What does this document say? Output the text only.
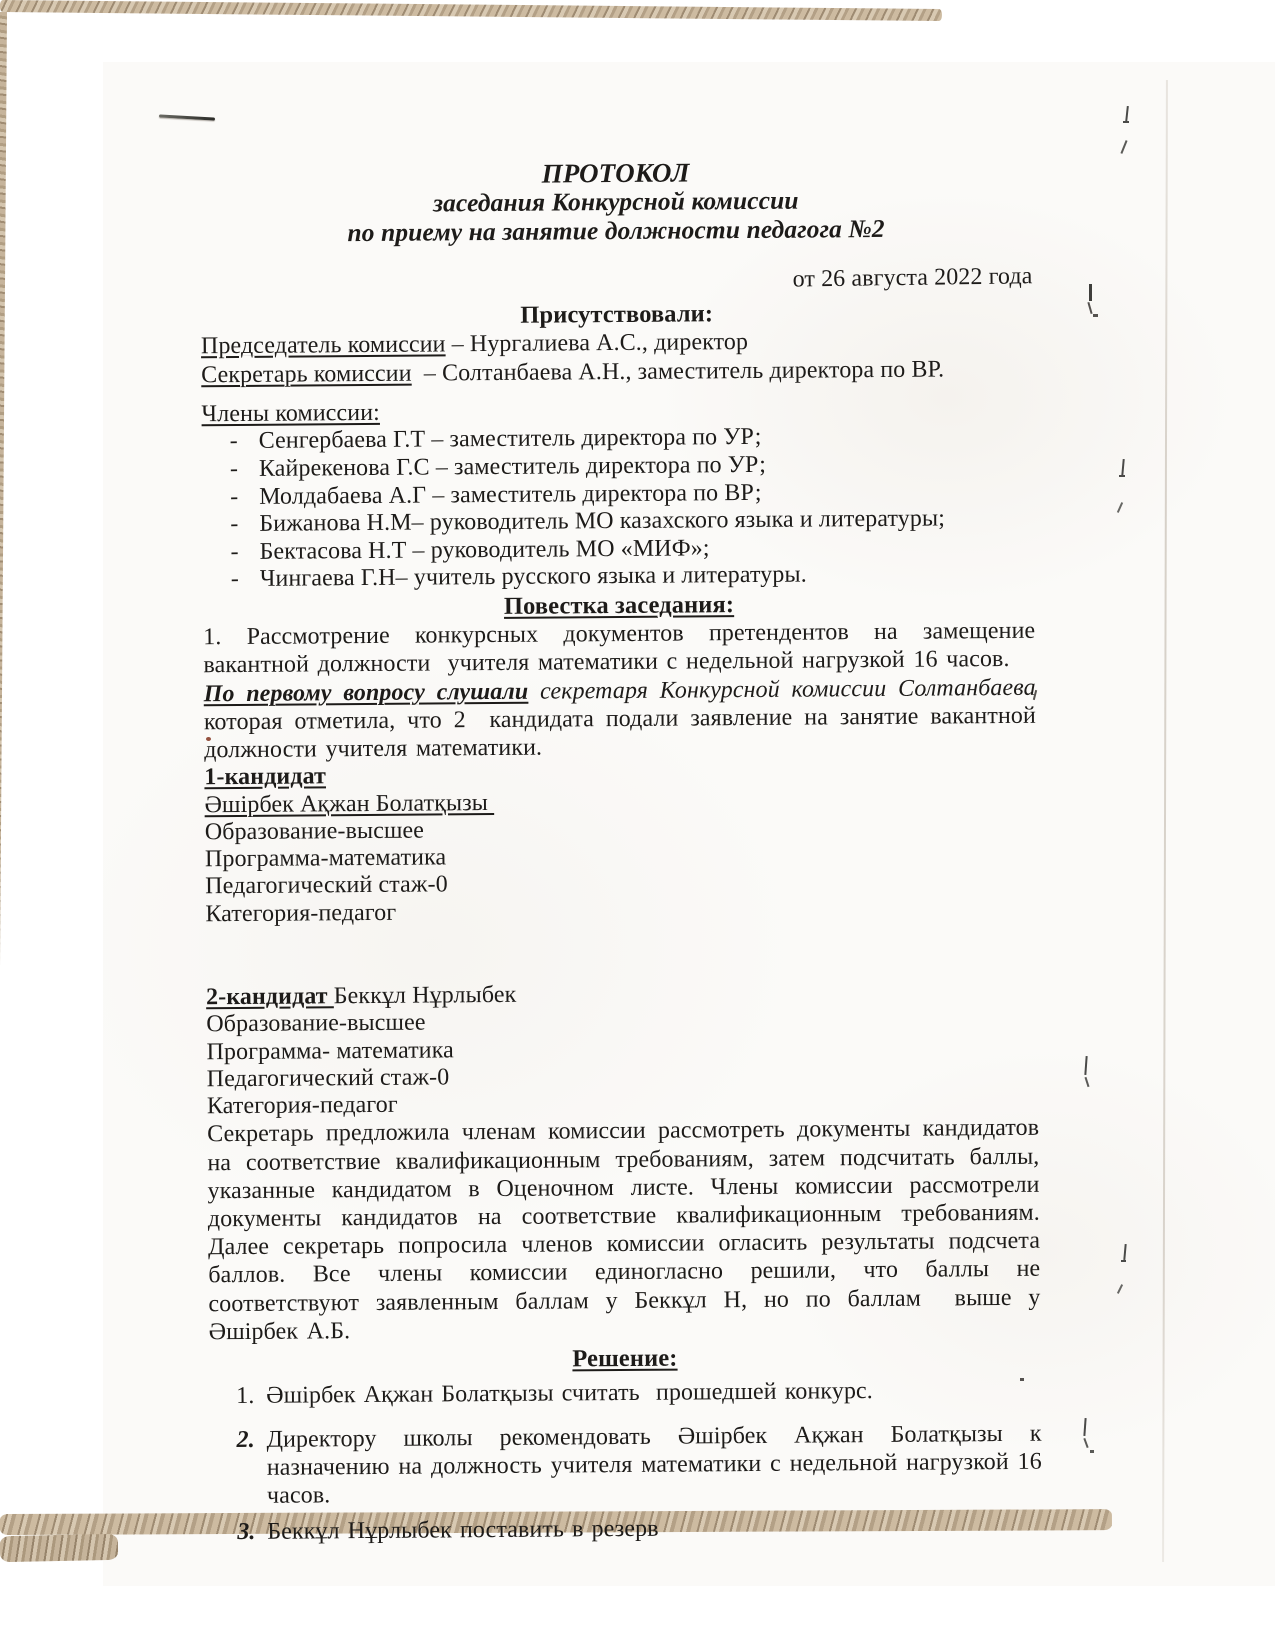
ПРОТОКОЛ
заседания Конкурсной комиссии
по приему на занятие должности педагога №2
от 26 августа 2022 года
Присутствовали:
Председатель комиссии – Нургалиева А.С., директор
Секретарь комиссии  – Солтанбаева А.Н., заместитель директора по ВР.
Члены комиссии:
- Сенгербаева Г.Т – заместитель директора по УР;
- Кайрекенова Г.С – заместитель директора по УР;
- Молдабаева А.Г – заместитель директора по ВР;
- Бижанова Н.М– руководитель МО казахского языка и литературы;
- Бектасова Н.Т – руководитель МО «МИФ»;
- Чингаева Г.Н– учитель русского языка и литературы.
Повестка заседания:
1. Рассмотрение конкурсных документов претендентов на замещение вакантной должности  учителя математики с недельной нагрузкой 16 часов.
По первому вопросу слушали секретаря Конкурсной комиссии Солтанбаева которая отметила, что 2  кандидата подали заявление на занятие вакантной должности учителя математики.
1-кандидат
Әшірбек Ақжан Болатқызы
Образование-высшее
Программа-математика
Педагогический стаж-0
Категория-педагог
2-кандидат Беккұл Нұрлыбек
Образование-высшее
Программа- математика
Педагогический стаж-0
Категория-педагог
Секретарь предложила членам комиссии рассмотреть документы кандидатов на соответствие квалификационным требованиям, затем подсчитать баллы, указанные кандидатом в Оценочном листе. Члены комиссии рассмотрели документы кандидатов на соответствие квалификационным требованиям. Далее секретарь попросила членов комиссии огласить результаты подсчета баллов. Все члены комиссии единогласно решили, что баллы не соответствуют заявленным баллам у Беккұл Н, но по баллам  выше у Әшірбек А.Б.
Решение:
1. Әшірбек Ақжан Болатқызы считать  прошедшей конкурс.
2. Директору школы рекомендовать Әшірбек Ақжан Болатқызы к назначению на должность учителя математики с недельной нагрузкой 16 часов.
3. Беккұл Нұрлыбек поставить в резерв
